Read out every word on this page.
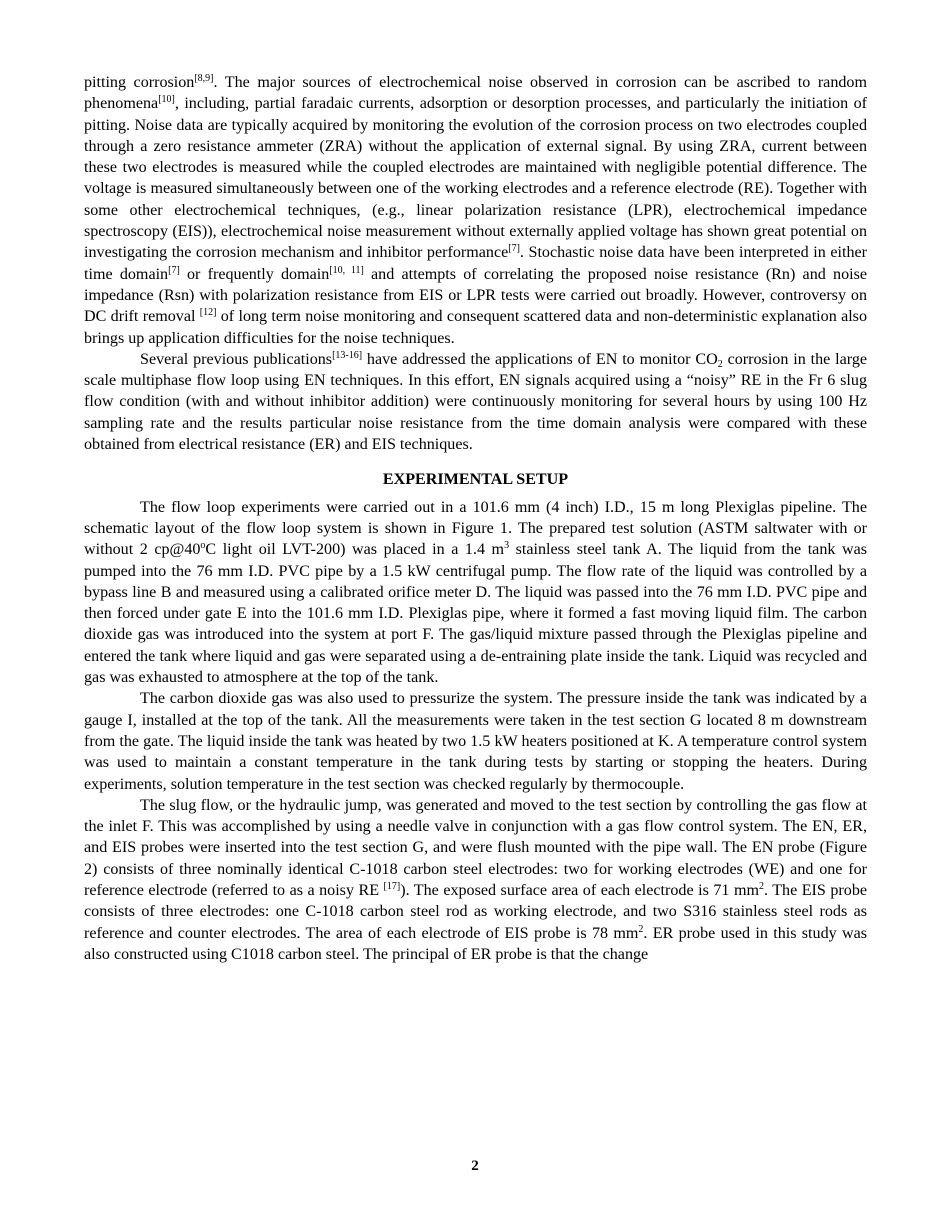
pitting corrosion[8,9]. The major sources of electrochemical noise observed in corrosion can be ascribed to random phenomena[10], including, partial faradaic currents, adsorption or desorption processes, and particularly the initiation of pitting. Noise data are typically acquired by monitoring the evolution of the corrosion process on two electrodes coupled through a zero resistance ammeter (ZRA) without the application of external signal. By using ZRA, current between these two electrodes is measured while the coupled electrodes are maintained with negligible potential difference. The voltage is measured simultaneously between one of the working electrodes and a reference electrode (RE). Together with some other electrochemical techniques, (e.g., linear polarization resistance (LPR), electrochemical impedance spectroscopy (EIS)), electrochemical noise measurement without externally applied voltage has shown great potential on investigating the corrosion mechanism and inhibitor performance[7]. Stochastic noise data have been interpreted in either time domain[7] or frequently domain[10, 11] and attempts of correlating the proposed noise resistance (Rn) and noise impedance (Rsn) with polarization resistance from EIS or LPR tests were carried out broadly. However, controversy on DC drift removal [12] of long term noise monitoring and consequent scattered data and non-deterministic explanation also brings up application difficulties for the noise techniques.

Several previous publications[13-16] have addressed the applications of EN to monitor $CO_2$ corrosion in the large scale multiphase flow loop using EN techniques. In this effort, EN signals acquired using a “noisy” RE in the Fr 6 slug flow condition (with and without inhibitor addition) were continuously monitoring for several hours by using 100 Hz sampling rate and the results particular noise resistance from the time domain analysis were compared with these obtained from electrical resistance (ER) and EIS techniques.

EXPERIMENTAL SETUP

The flow loop experiments were carried out in a 101.6 mm (4 inch) I.D., 15 m long Plexiglas pipeline. The schematic layout of the flow loop system is shown in Figure 1. The prepared test solution (ASTM saltwater with or without 2 cp@40$^o$C light oil LVT-200) was placed in a 1.4 $m^3$ stainless steel tank A. The liquid from the tank was pumped into the 76 mm I.D. PVC pipe by a 1.5 kW centrifugal pump. The flow rate of the liquid was controlled by a bypass line B and measured using a calibrated orifice meter D. The liquid was passed into the 76 mm I.D. PVC pipe and then forced under gate E into the 101.6 mm I.D. Plexiglas pipe, where it formed a fast moving liquid film. The carbon dioxide gas was introduced into the system at port F. The gas/liquid mixture passed through the Plexiglas pipeline and entered the tank where liquid and gas were separated using a de-entraining plate inside the tank. Liquid was recycled and gas was exhausted to atmosphere at the top of the tank.

The carbon dioxide gas was also used to pressurize the system. The pressure inside the tank was indicated by a gauge I, installed at the top of the tank. All the measurements were taken in the test section G located 8 m downstream from the gate. The liquid inside the tank was heated by two 1.5 kW heaters positioned at K. A temperature control system was used to maintain a constant temperature in the tank during tests by starting or stopping the heaters. During experiments, solution temperature in the test section was checked regularly by thermocouple.

The slug flow, or the hydraulic jump, was generated and moved to the test section by controlling the gas flow at the inlet F. This was accomplished by using a needle valve in conjunction with a gas flow control system. The EN, ER, and EIS probes were inserted into the test section G, and were flush mounted with the pipe wall. The EN probe (Figure 2) consists of three nominally identical C-1018 carbon steel electrodes: two for working electrodes (WE) and one for reference electrode (referred to as a noisy RE [17]). The exposed surface area of each electrode is 71 $mm^2$. The EIS probe consists of three electrodes: one C-1018 carbon steel rod as working electrode, and two S316 stainless steel rods as reference and counter electrodes. The area of each electrode of EIS probe is 78 $mm^2$. ER probe used in this study was also constructed using C1018 carbon steel. The principal of ER probe is that the change

2
